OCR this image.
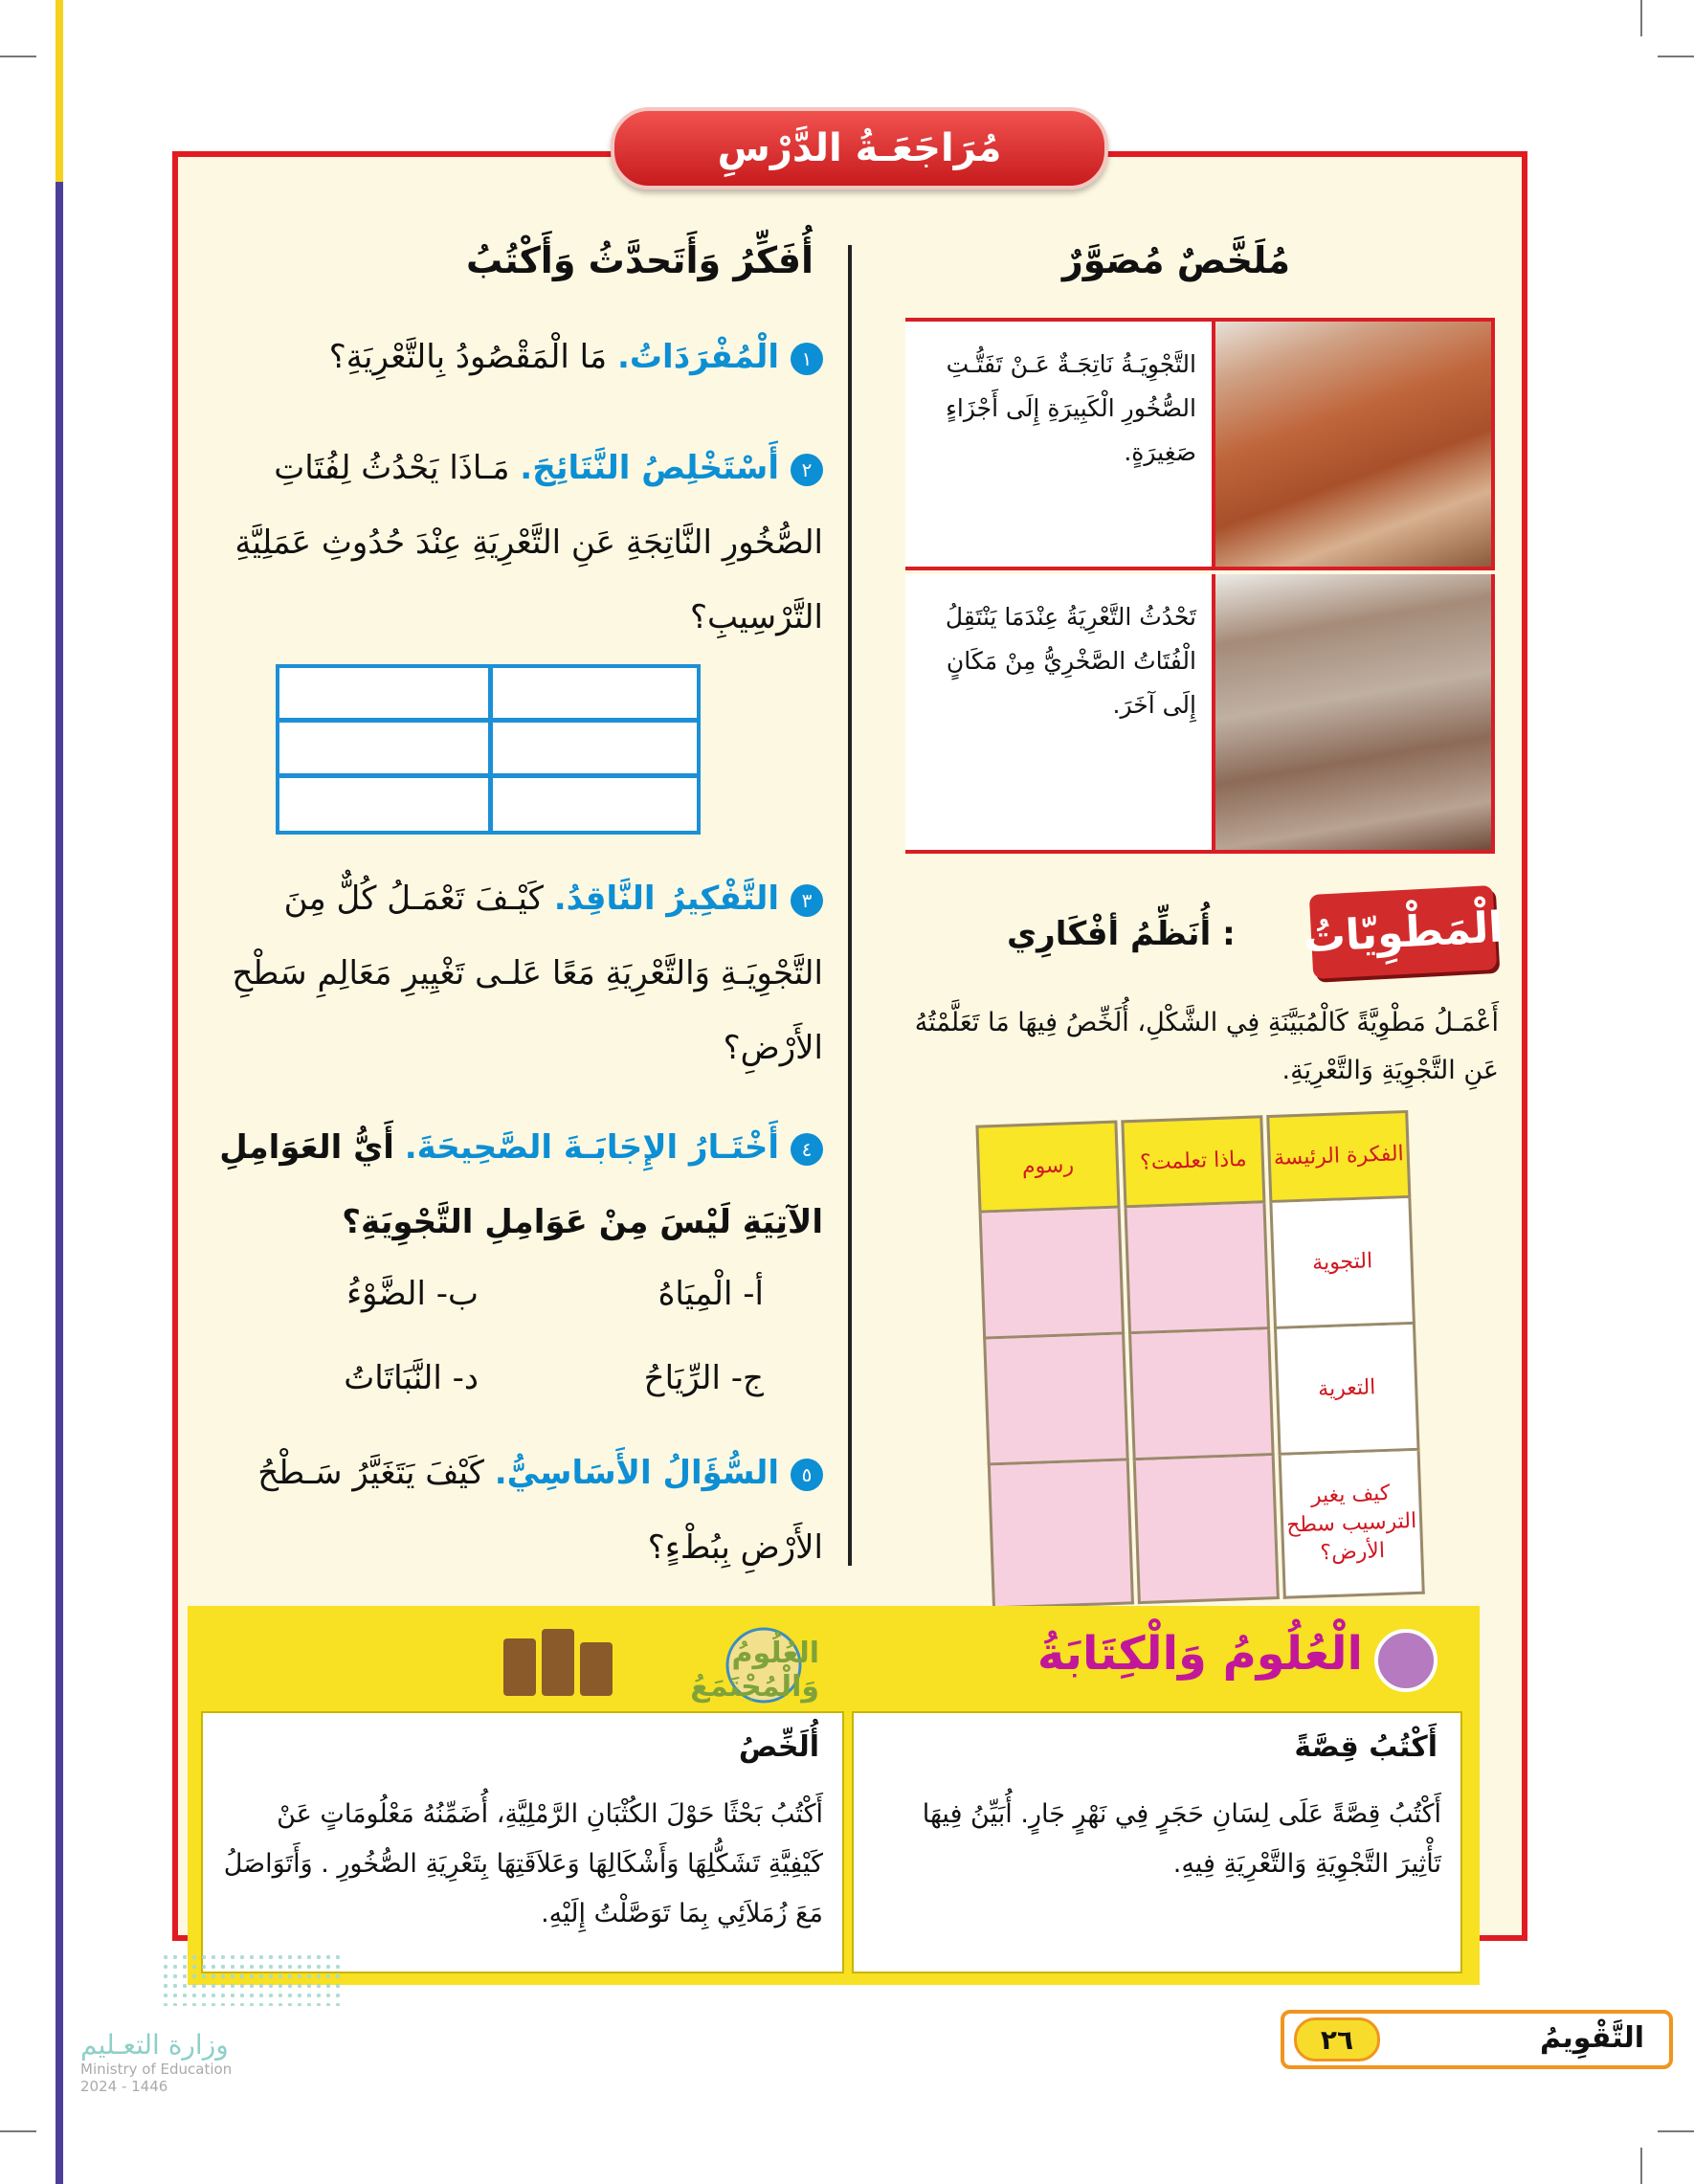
مُرَاجَعَـةُ الدَّرْسِ
مُلَخَّصٌ مُصَوَّرٌ
التَّجْوِيَـةُ نَاتِجَـةٌ عَـنْ تَفَتُّـتِ الصُّخُورِ الْكَبِيرَةِ إِلَى أَجْزَاءٍ صَغِيرَةٍ.
تَحْدُثُ التَّعْرِيَةُ عِنْدَمَا يَنْتَقِلُ الْفُتَاتُ الصَّخْرِيُّ مِنْ مَكَانٍ إِلَى آخَرَ.
الْمَطْوِيّاتُ
: أُنَظِّمُ أفْكَارِي
أَعْمَـلُ مَطْوِيَّةً كَالْمُبَيَّنَةِ فِي الشَّكْلِ، أُلَخِّصُ فِيهَا مَا تَعَلَّمْتُهُ عَنِ التَّجْوِيَةِ وَالتَّعْرِيَةِ.
الفكرة الرئيسة
التجوية
التعرية
كيف يغير الترسيب سطح الأرض؟
ماذا تعلمت؟
رسوم
أُفَكِّرُ وَأَتَحدَّثُ وَأَكْتُبُ
١الْمُفْرَدَاتُ. مَا الْمَقْصُودُ بِالتَّعْرِيَةِ؟
٢أَسْتَخْلِصُ النَّتَائِجَ. مَـاذَا يَحْدُثُ لِفُتَاتِ الصُّخُورِ النَّاتِجَةِ عَنِ التَّعْرِيَةِ عِنْدَ حُدُوثِ عَمَلِيَّةِ التَّرْسِيبِ؟
٣التَّفْكِيرُ النَّاقِدُ. كَيْـفَ تَعْمَـلُ كُلٌّ مِنَ التَّجْوِيَـةِ وَالتَّعْرِيَةِ مَعًا عَلـى تَغْيِيرِ مَعَالِمِ سَطْحِ الأَرْضِ؟
٤أَخْتَـارُ الإِجَابَـةَ الصَّحِيحَةَ. أَيُّ العَوَامِلِ الآتِيَةِ لَيْسَ مِنْ عَوَامِلِ التَّجْوِيَةِ؟
أ- الْمِيَاهُ
ب- الضَّوْءُ
ج- الرِّيَاحُ
د- النَّبَاتَاتُ
٥السُّؤَالُ الأَسَاسِيُّ. كَيْفَ يَتَغَيَّرُ سَـطْحُ الأَرْضِ بِبُطْءٍ؟
الْعُلُومُ وَالْكِتَابَةُ
العُلُومُ وَالْمُجْتَمَعُ
أَكْتُبُ قِصَّةً
أَكْتُبُ قِصَّةً عَلَى لِسَانِ حَجَرٍ فِي نَهْرٍ جَارٍ. أُبَيِّنُ فِيهَا تَأْثِيرَ التَّجْوِيَةِ وَالتَّعْرِيَةِ فِيهِ.
أُلَخِّصُ
أَكْتُبُ بَحْثًا حَوْلَ الكُثْبَانِ الرَّمْلِيَّةِ، أُضَمِّنُهُ مَعْلُومَاتٍ عَنْ كَيْفِيَّةِ تَشَكُّلِهَا وَأَشْكَالِهَا وَعَلاَقَتِهَا بِتَعْرِيَةِ الصُّخُورِ . وَأَتَوَاصَلُ مَعَ زُمَلاَئِي بِمَا تَوَصَّلْتُ إِلَيْهِ.
التَّقْوِيمُ
٢٦
وزارة التعـليم
Ministry of Education
2024 - 1446
